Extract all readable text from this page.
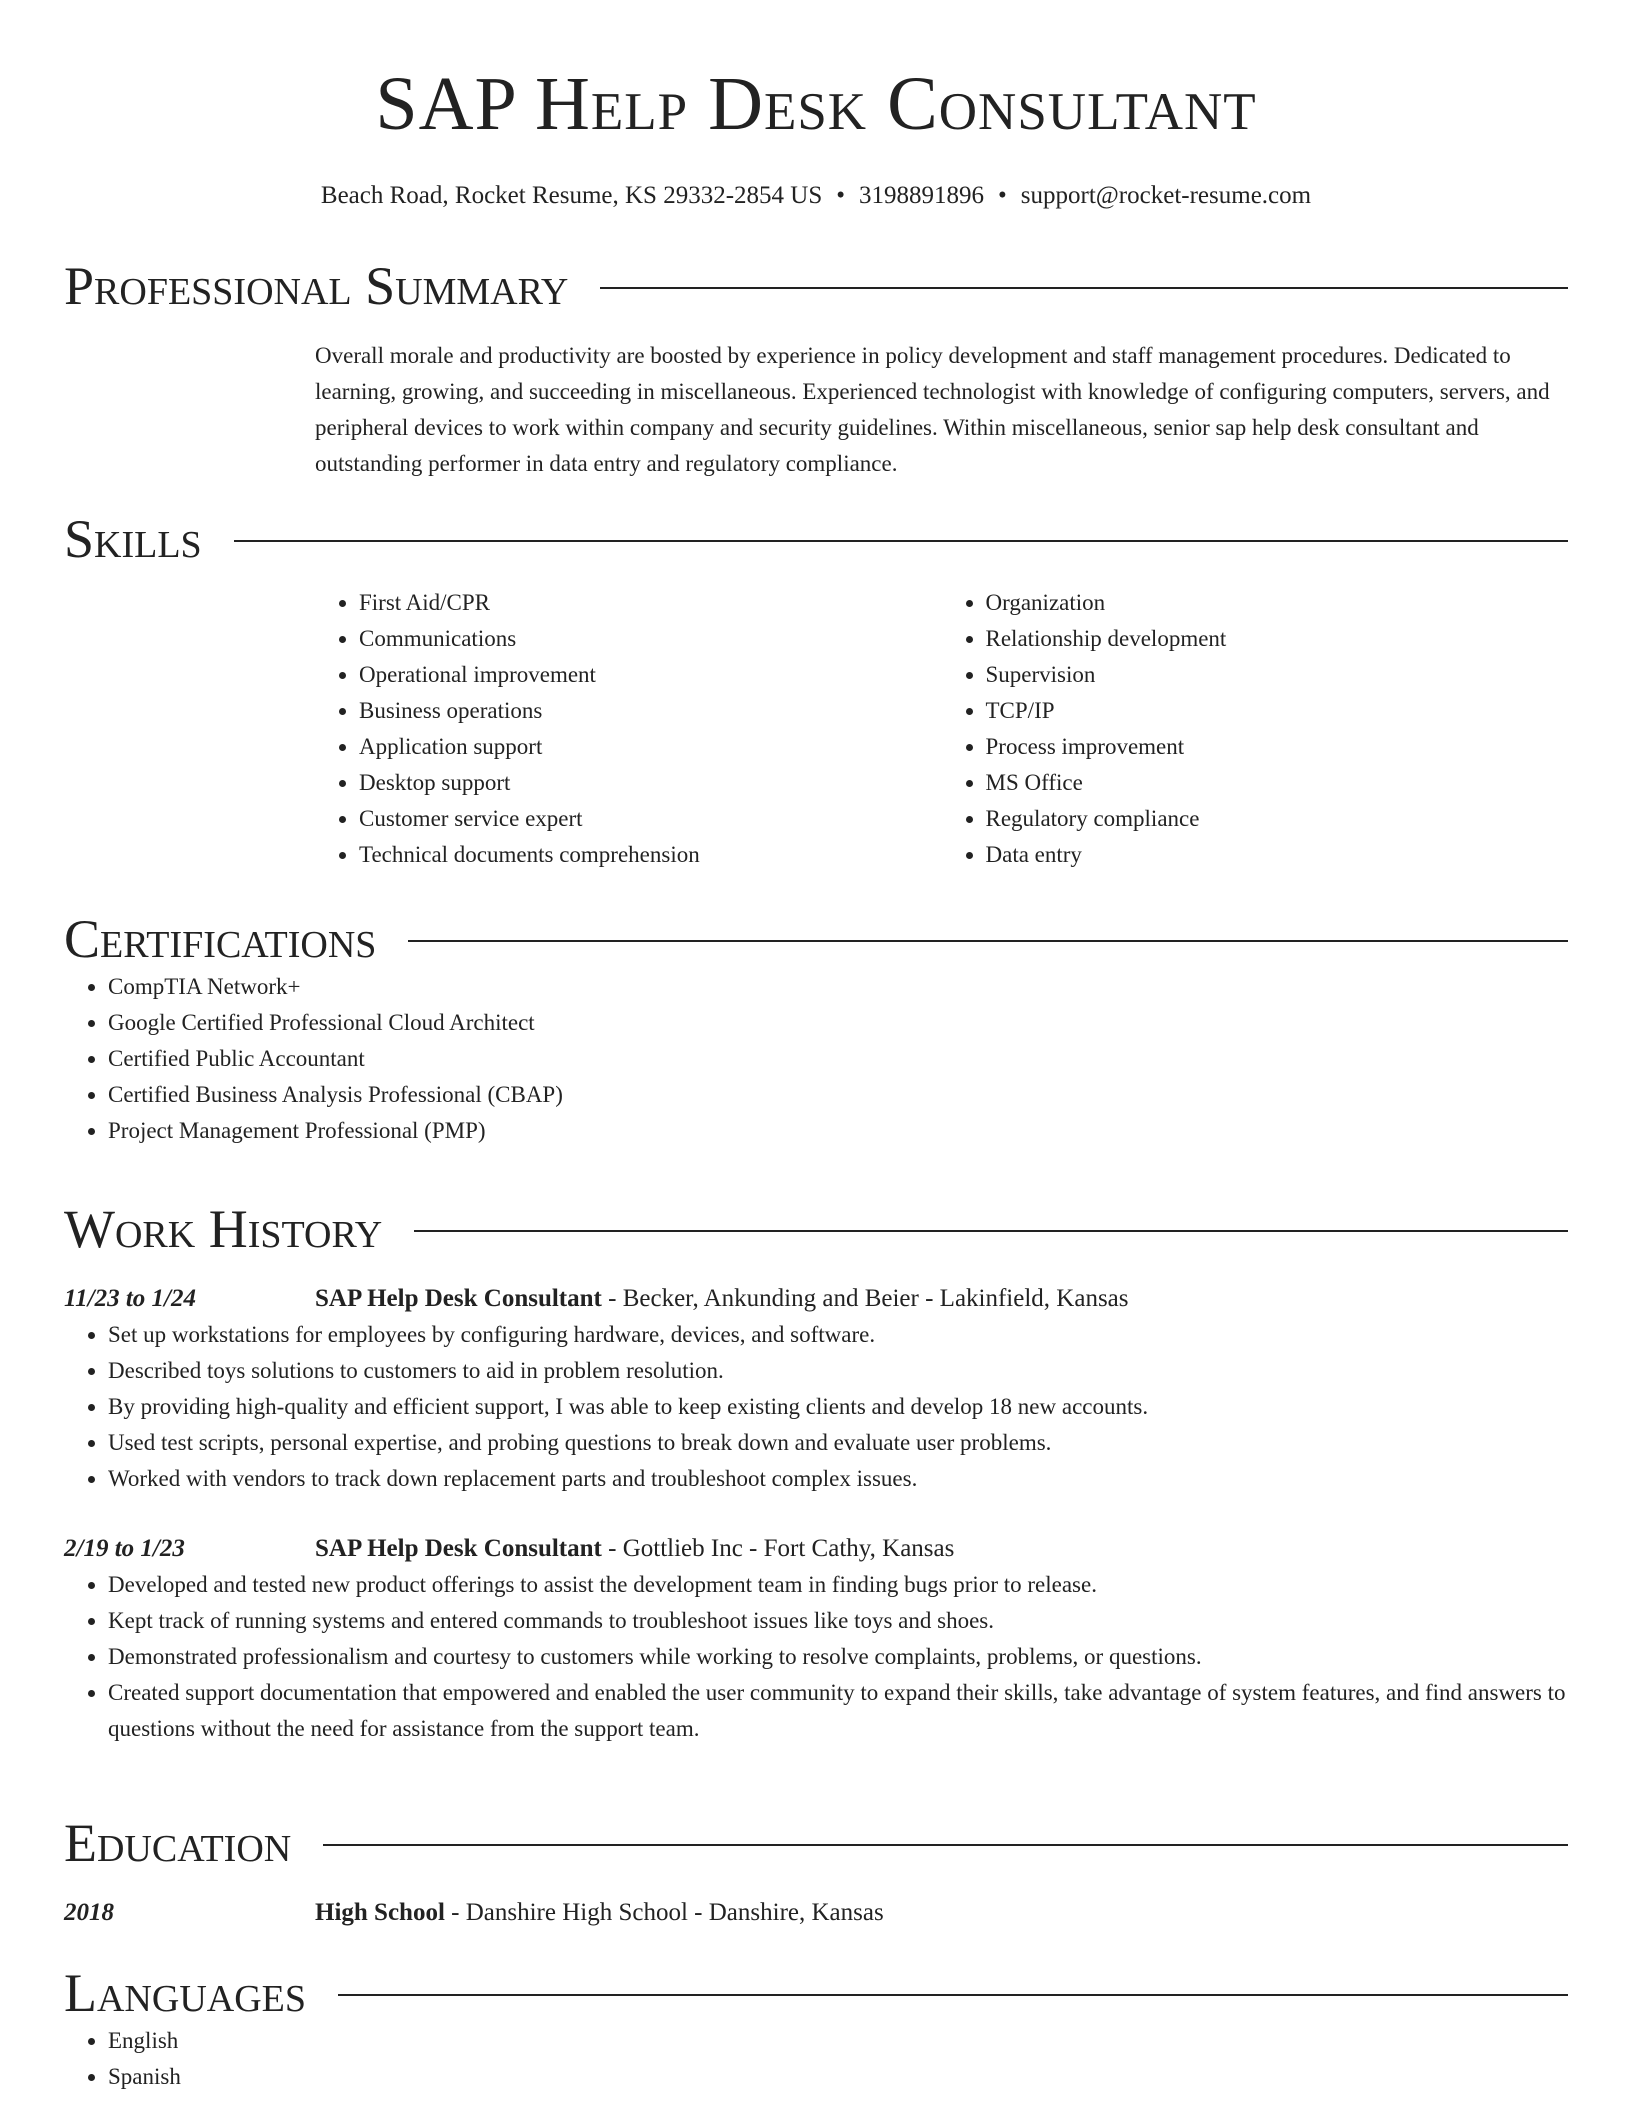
SAP Help Desk Consultant
Beach Road, Rocket Resume, KS 29332-2854 US • 3198891896 • support@rocket-resume.com
Professional Summary
Overall morale and productivity are boosted by experience in policy development and staff management procedures. Dedicated to learning, growing, and succeeding in miscellaneous. Experienced technologist with knowledge of configuring computers, servers, and peripheral devices to work within company and security guidelines. Within miscellaneous, senior sap help desk consultant and outstanding performer in data entry and regulatory compliance.
Skills
• First Aid/CPR
• Communications
• Operational improvement
• Business operations
• Application support
• Desktop support
• Customer service expert
• Technical documents comprehension
• Organization
• Relationship development
• Supervision
• TCP/IP
• Process improvement
• MS Office
• Regulatory compliance
• Data entry
Certifications
• CompTIA Network+
• Google Certified Professional Cloud Architect
• Certified Public Accountant
• Certified Business Analysis Professional (CBAP)
• Project Management Professional (PMP)
Work History
11/23 to 1/24	SAP Help Desk Consultant - Becker, Ankunding and Beier - Lakinfield, Kansas
• Set up workstations for employees by configuring hardware, devices, and software.
• Described toys solutions to customers to aid in problem resolution.
• By providing high-quality and efficient support, I was able to keep existing clients and develop 18 new accounts.
• Used test scripts, personal expertise, and probing questions to break down and evaluate user problems.
• Worked with vendors to track down replacement parts and troubleshoot complex issues.
2/19 to 1/23	SAP Help Desk Consultant - Gottlieb Inc - Fort Cathy, Kansas
• Developed and tested new product offerings to assist the development team in finding bugs prior to release.
• Kept track of running systems and entered commands to troubleshoot issues like toys and shoes.
• Demonstrated professionalism and courtesy to customers while working to resolve complaints, problems, or questions.
• Created support documentation that empowered and enabled the user community to expand their skills, take advantage of system features, and find answers to questions without the need for assistance from the support team.
Education
2018	High School - Danshire High School - Danshire, Kansas
Languages
• English
• Spanish
